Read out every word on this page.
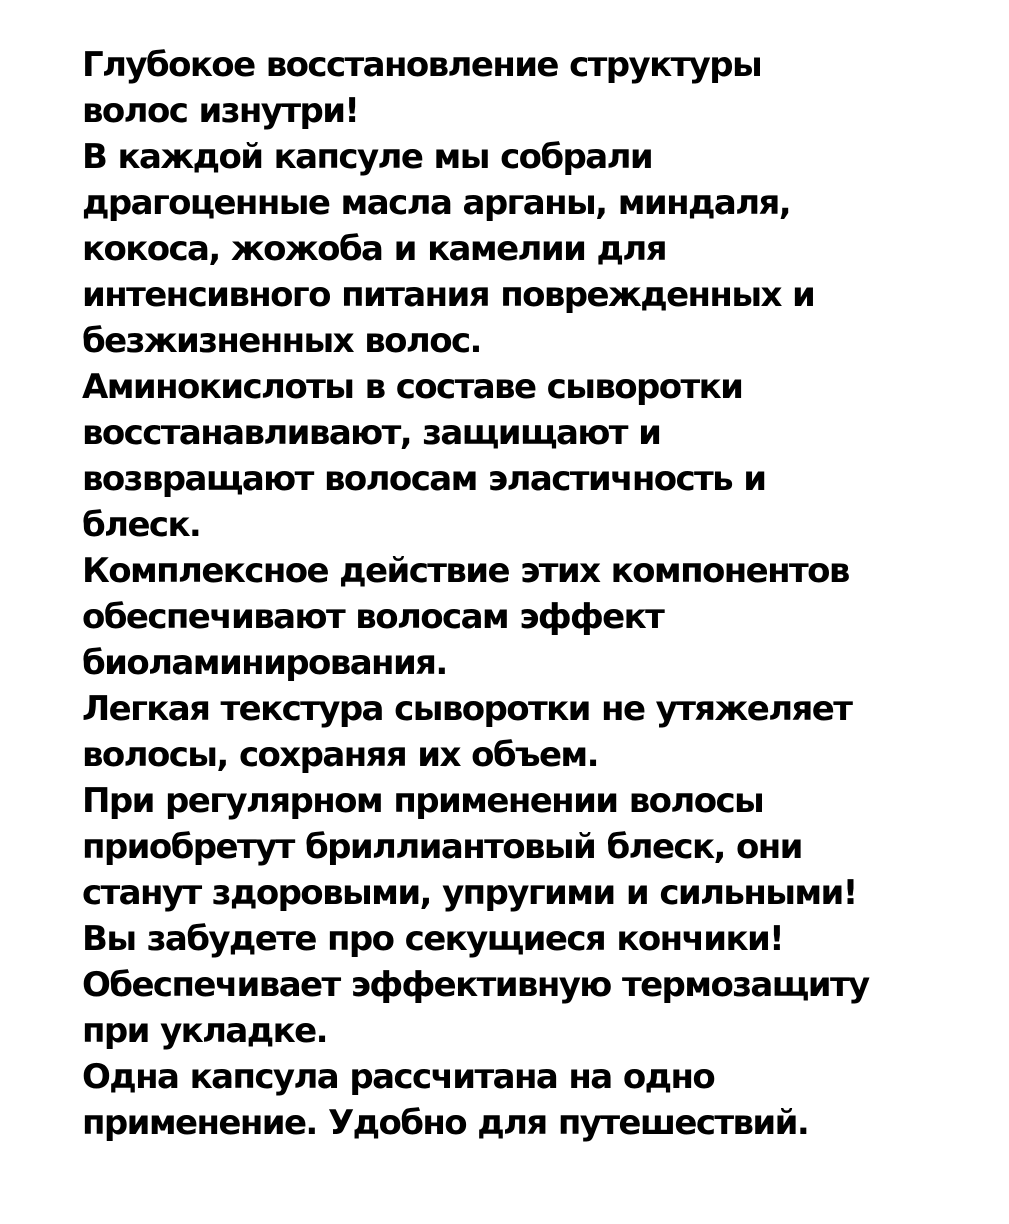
Глубокое восстановление структуры
волос изнутри!
В каждой капсуле мы собрали
драгоценные масла арганы, миндаля,
кокоса, жожоба и камелии для
интенсивного питания поврежденных и
безжизненных волос.
Аминокислоты в составе сыворотки
восстанавливают, защищают и
возвращают волосам эластичность и
блеск.
Комплексное действие этих компонентов
обеспечивают волосам эффект
биоламинирования.
Легкая текстура сыворотки не утяжеляет
волосы, сохраняя их объем.
При регулярном применении волосы
приобретут бриллиантовый блеск, они
станут здоровыми, упругими и сильными!
Вы забудете про секущиеся кончики!
Обеспечивает эффективную термозащиту
при укладке.
Одна капсула рассчитана на одно
применение. Удобно для путешествий.
